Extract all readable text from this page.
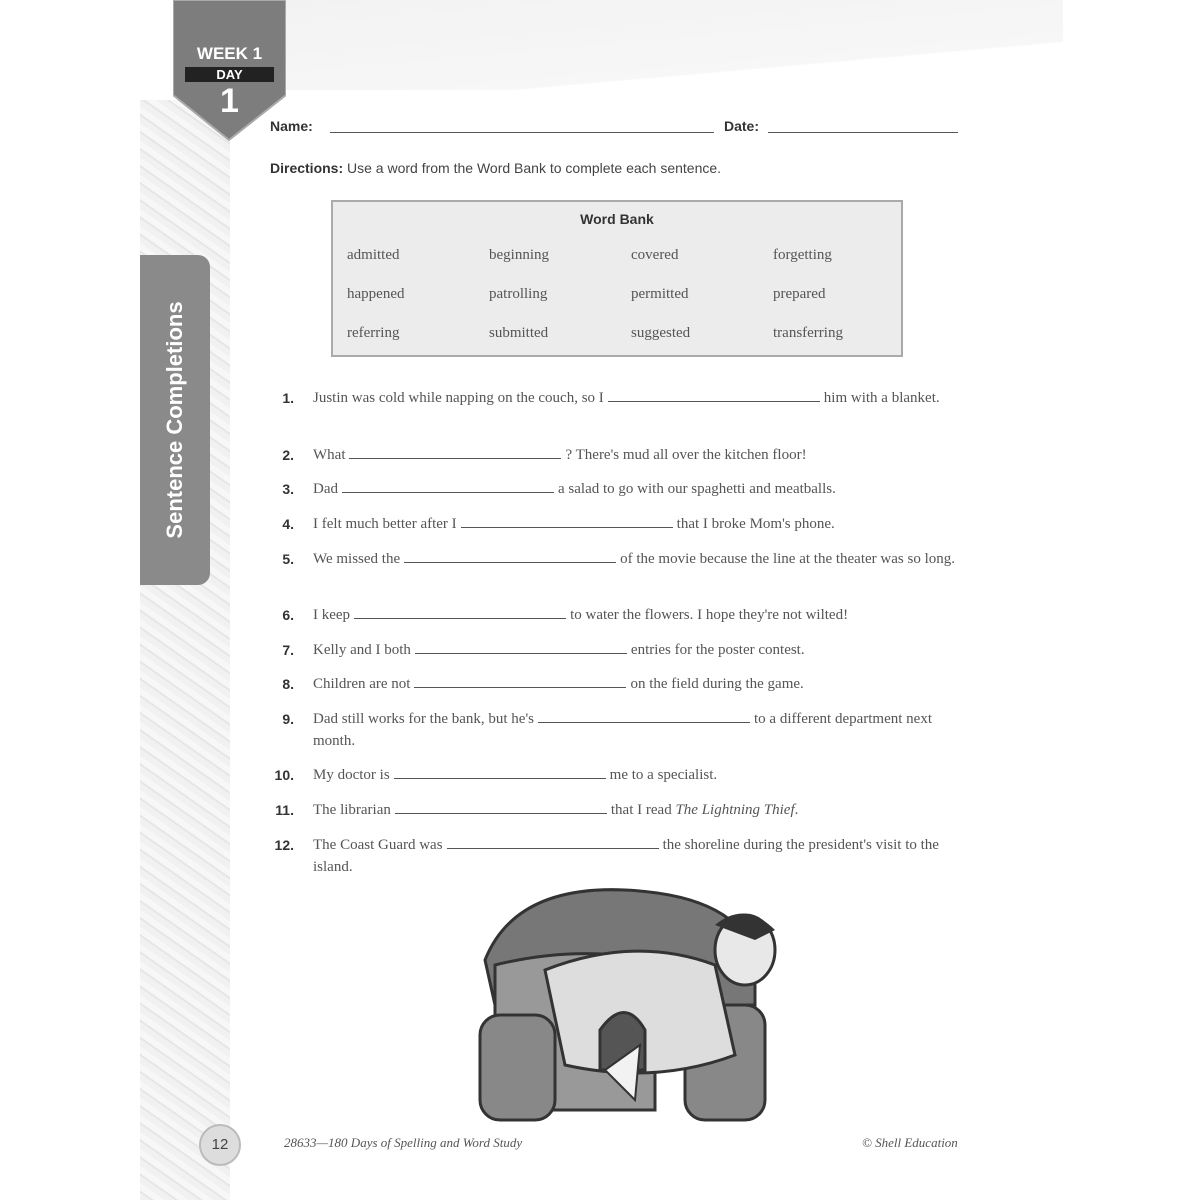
WEEK 1
DAY
1
Sentence Completions
Name:	Date:
Directions: Use a word from the Word Bank to complete each sentence.
Word Bank
admitted	beginning	covered	forgetting
happened	patrolling	permitted	prepared
referring	submitted	suggested	transferring
1. Justin was cold while napping on the couch, so I	him with a blanket.
2. What	? There's mud all over the kitchen floor!
3. Dad	a salad to go with our spaghetti and meatballs.
4. I felt much better after I	that I broke Mom's phone.
5. We missed the	of the movie because the line at the theater was so long.
6. I keep	to water the flowers. I hope they're not wilted!
7. Kelly and I both	entries for the poster contest.
8. Children are not	on the field during the game.
9. Dad still works for the bank, but he's	to a different department next month.
10. My doctor is	me to a specialist.
11. The librarian	that I read The Lightning Thief.
12. The Coast Guard was	the shoreline during the president's visit to the island.
12	28633—180 Days of Spelling and Word Study	© Shell Education
